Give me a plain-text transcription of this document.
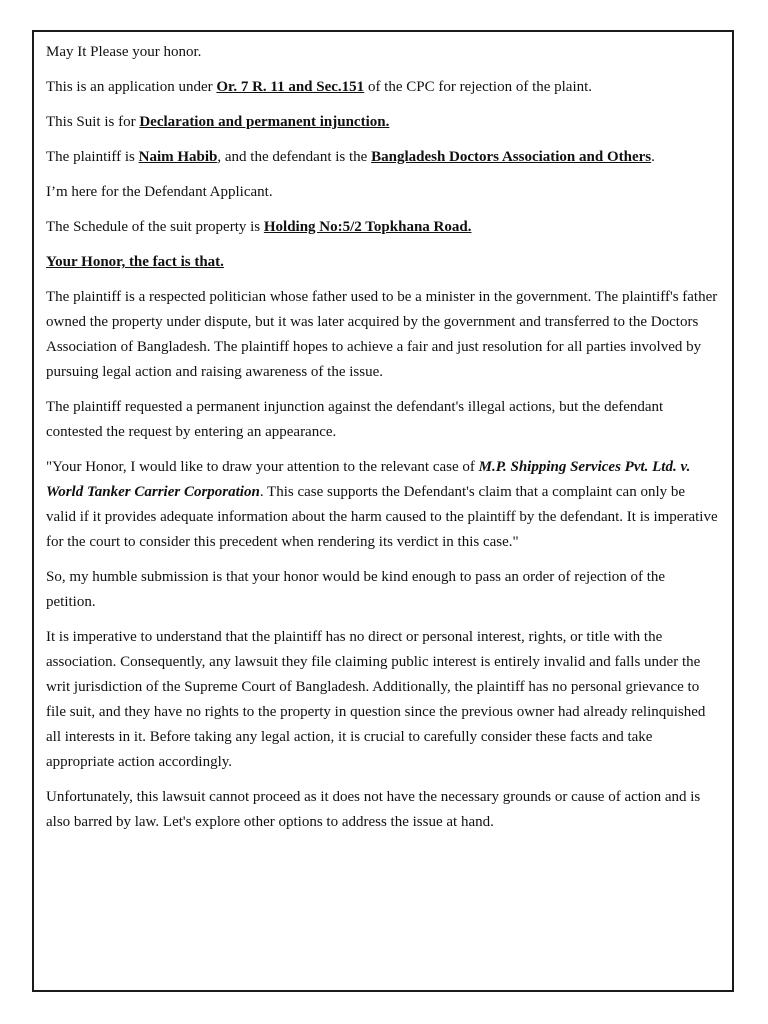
May It Please your honor.

This is an application under Or. 7 R. 11 and Sec.151 of the CPC for rejection of the plaint.

This Suit is for Declaration and permanent injunction.

The plaintiff is Naim Habib, and the defendant is the Bangladesh Doctors Association and Others.

I’m here for the Defendant Applicant.

The Schedule of the suit property is Holding No:5/2 Topkhana Road.

Your Honor, the fact is that.

The plaintiff is a respected politician whose father used to be a minister in the government. The plaintiff's father owned the property under dispute, but it was later acquired by the government and transferred to the Doctors Association of Bangladesh. The plaintiff hopes to achieve a fair and just resolution for all parties involved by pursuing legal action and raising awareness of the issue.

The plaintiff requested a permanent injunction against the defendant's illegal actions, but the defendant contested the request by entering an appearance.

"Your Honor, I would like to draw your attention to the relevant case of M.P. Shipping Services Pvt. Ltd. v. World Tanker Carrier Corporation. This case supports the Defendant's claim that a complaint can only be valid if it provides adequate information about the harm caused to the plaintiff by the defendant. It is imperative for the court to consider this precedent when rendering its verdict in this case."

So, my humble submission is that your honor would be kind enough to pass an order of rejection of the petition.

It is imperative to understand that the plaintiff has no direct or personal interest, rights, or title with the association. Consequently, any lawsuit they file claiming public interest is entirely invalid and falls under the writ jurisdiction of the Supreme Court of Bangladesh. Additionally, the plaintiff has no personal grievance to file suit, and they have no rights to the property in question since the previous owner had already relinquished all interests in it. Before taking any legal action, it is crucial to carefully consider these facts and take appropriate action accordingly.

Unfortunately, this lawsuit cannot proceed as it does not have the necessary grounds or cause of action and is also barred by law. Let's explore other options to address the issue at hand.
